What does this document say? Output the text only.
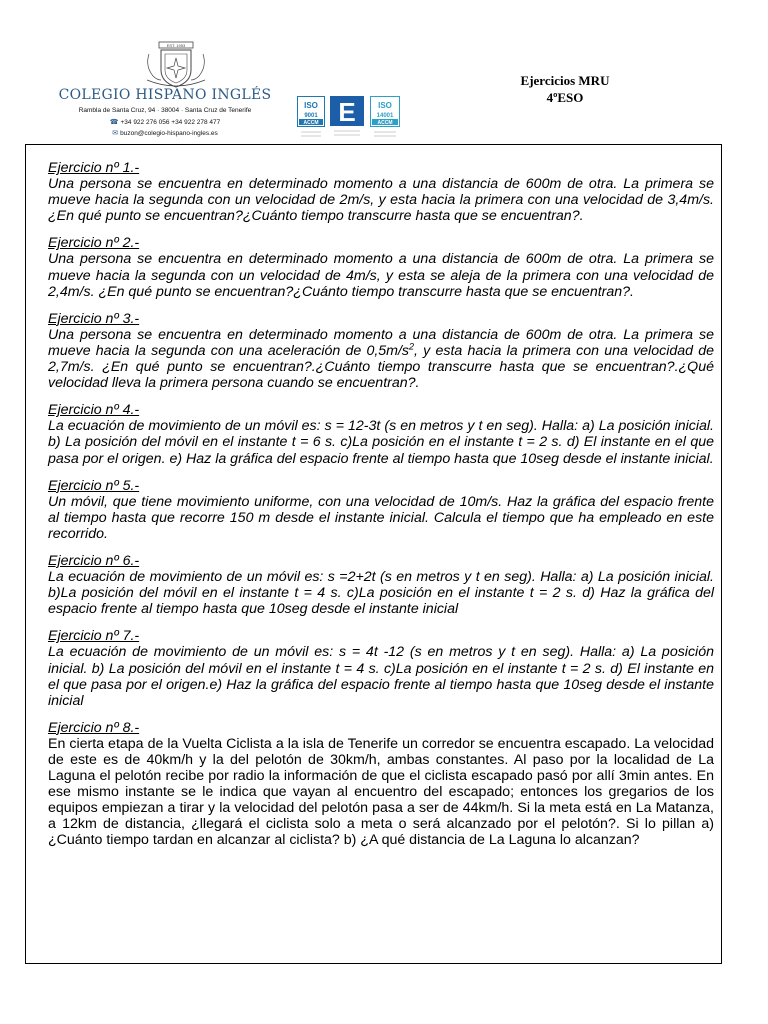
EST. 1953
COLEGIO HISPANO INGLÉS
Rambla de Santa Cruz, 94 · 38004 · Santa Cruz de Tenerife
☎ +34 922 276 056 +34 922 278 477
✉ buzon@colegio-hispano-ingles.es
ISO
9001
ACCM E	ISO
14001
ACCM
Ejercicios MRU
4ºESO
Ejercicio nº 1.-
Una persona se encuentra en determinado momento a una distancia de 600m de otra. La primera se mueve hacia la segunda con un velocidad de 2m/s, y esta hacia la primera con una velocidad de 3,4m/s. ¿En qué punto se encuentran?¿Cuánto tiempo transcurre hasta que se encuentran?.
Ejercicio nº 2.-
Una persona se encuentra en determinado momento a una distancia de 600m de otra. La primera se mueve hacia la segunda con un velocidad de 4m/s, y esta se aleja de la primera con una velocidad de 2,4m/s. ¿En qué punto se encuentran?¿Cuánto tiempo transcurre hasta que se encuentran?.
Ejercicio nº 3.-
Una persona se encuentra en determinado momento a una distancia de 600m de otra. La primera se mueve hacia la segunda con una aceleración de $0,5m/s^2$, y esta hacia la primera con una velocidad de 2,7m/s. ¿En qué punto se encuentran?.¿Cuánto tiempo transcurre hasta que se encuentran?.¿Qué velocidad lleva la primera persona cuando se encuentran?.
Ejercicio nº 4.-
La ecuación de movimiento de un móvil es: s = 12-3t (s en metros y t en seg). Halla: a) La posición inicial. b) La posición del móvil en el instante t = 6 s. c)La posición en el instante t = 2 s. d) El instante en el que pasa por el origen. e) Haz la gráfica del espacio frente al tiempo hasta que 10seg desde el instante inicial.
Ejercicio nº 5.-
Un móvil, que tiene movimiento uniforme, con una velocidad de 10m/s. Haz la gráfica del espacio frente al tiempo hasta que recorre 150 m desde el instante inicial. Calcula el tiempo que ha empleado en este recorrido.
Ejercicio nº 6.-
La ecuación de movimiento de un móvil es: s =2+2t (s en metros y t en seg). Halla: a) La posición inicial. b)La posición del móvil en el instante t = 4 s. c)La posición en el instante t = 2 s. d) Haz la gráfica del espacio frente al tiempo hasta que 10seg desde el instante inicial
Ejercicio nº 7.-
La ecuación de movimiento de un móvil es: s = 4t -12 (s en metros y t en seg). Halla: a) La posición inicial. b) La posición del móvil en el instante t = 4 s. c)La posición en el instante t = 2 s. d) El instante en el que pasa por el origen.e) Haz la gráfica del espacio frente al tiempo hasta que 10seg desde el instante inicial
Ejercicio nº 8.-
En cierta etapa de la Vuelta Ciclista a la isla de Tenerife un corredor se encuentra escapado. La velocidad de este es de 40km/h y la del pelotón de 30km/h, ambas constantes. Al paso por la localidad de La Laguna el pelotón recibe por radio la información de que el ciclista escapado pasó por allí 3min antes. En ese mismo instante se le indica que vayan al encuentro del escapado; entonces los gregarios de los equipos empiezan a tirar y la velocidad del pelotón pasa a ser de 44km/h. Si la meta está en La Matanza, a 12km de distancia, ¿llegará el ciclista solo a meta o será alcanzado por el pelotón?. Si lo pillan a) ¿Cuánto tiempo tardan en alcanzar al ciclista? b) ¿A qué distancia de La Laguna lo alcanzan?
